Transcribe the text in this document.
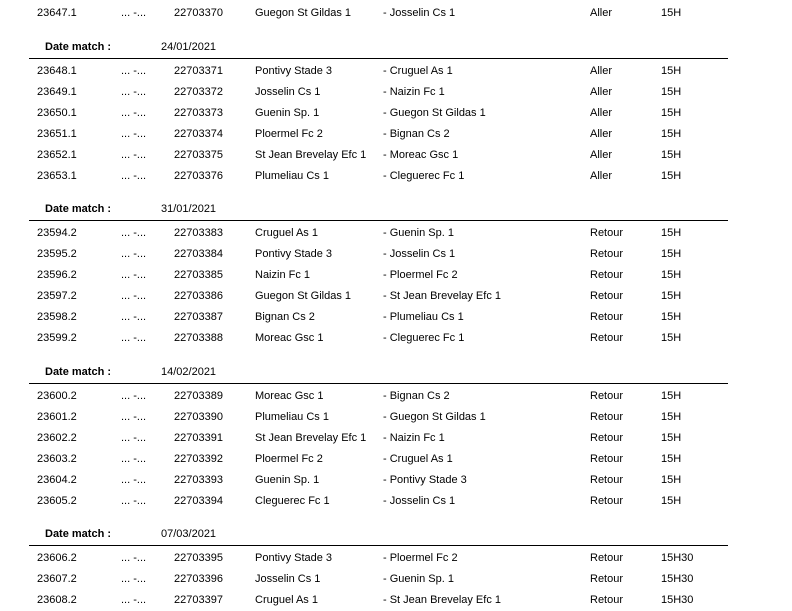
23647.1	... -...	22703370	Guegon St Gildas 1	- Josselin Cs 1	Aller	15H
Date match :	24/01/2021
23648.1	... -...	22703371	Pontivy Stade 3	- Cruguel As 1	Aller	15H
23649.1	... -...	22703372	Josselin Cs 1	- Naizin Fc 1	Aller	15H
23650.1	... -...	22703373	Guenin Sp. 1	- Guegon St Gildas 1	Aller	15H
23651.1	... -...	22703374	Ploermel Fc 2	- Bignan Cs 2	Aller	15H
23652.1	... -...	22703375	St Jean Brevelay Efc 1 - Moreac Gsc 1	Aller	15H
23653.1	... -...	22703376	Plumeliau Cs 1	- Cleguerec Fc 1	Aller	15H
Date match :	31/01/2021
23594.2	... -...	22703383	Cruguel As 1	- Guenin Sp. 1	Retour	15H
23595.2	... -...	22703384	Pontivy Stade 3	- Josselin Cs 1	Retour	15H
23596.2	... -...	22703385	Naizin Fc 1	- Ploermel Fc 2	Retour	15H
23597.2	... -...	22703386	Guegon St Gildas 1	- St Jean Brevelay Efc 1	Retour	15H
23598.2	... -...	22703387	Bignan Cs 2	- Plumeliau Cs 1	Retour	15H
23599.2	... -...	22703388	Moreac Gsc 1	- Cleguerec Fc 1	Retour	15H
Date match :	14/02/2021
23600.2	... -...	22703389	Moreac Gsc 1	- Bignan Cs 2	Retour	15H
23601.2	... -...	22703390	Plumeliau Cs 1	- Guegon St Gildas 1	Retour	15H
23602.2	... -...	22703391	St Jean Brevelay Efc 1 - Naizin Fc 1	Retour	15H
23603.2	... -...	22703392	Ploermel Fc 2	- Cruguel As 1	Retour	15H
23604.2	... -...	22703393	Guenin Sp. 1	- Pontivy Stade 3	Retour	15H
23605.2	... -...	22703394	Cleguerec Fc 1	- Josselin Cs 1	Retour	15H
Date match :	07/03/2021
23606.2	... -...	22703395	Pontivy Stade 3	- Ploermel Fc 2	Retour	15H30
23607.2	... -...	22703396	Josselin Cs 1	- Guenin Sp. 1	Retour	15H30
23608.2	... -...	22703397	Cruguel As 1	- St Jean Brevelay Efc 1	Retour	15H30
